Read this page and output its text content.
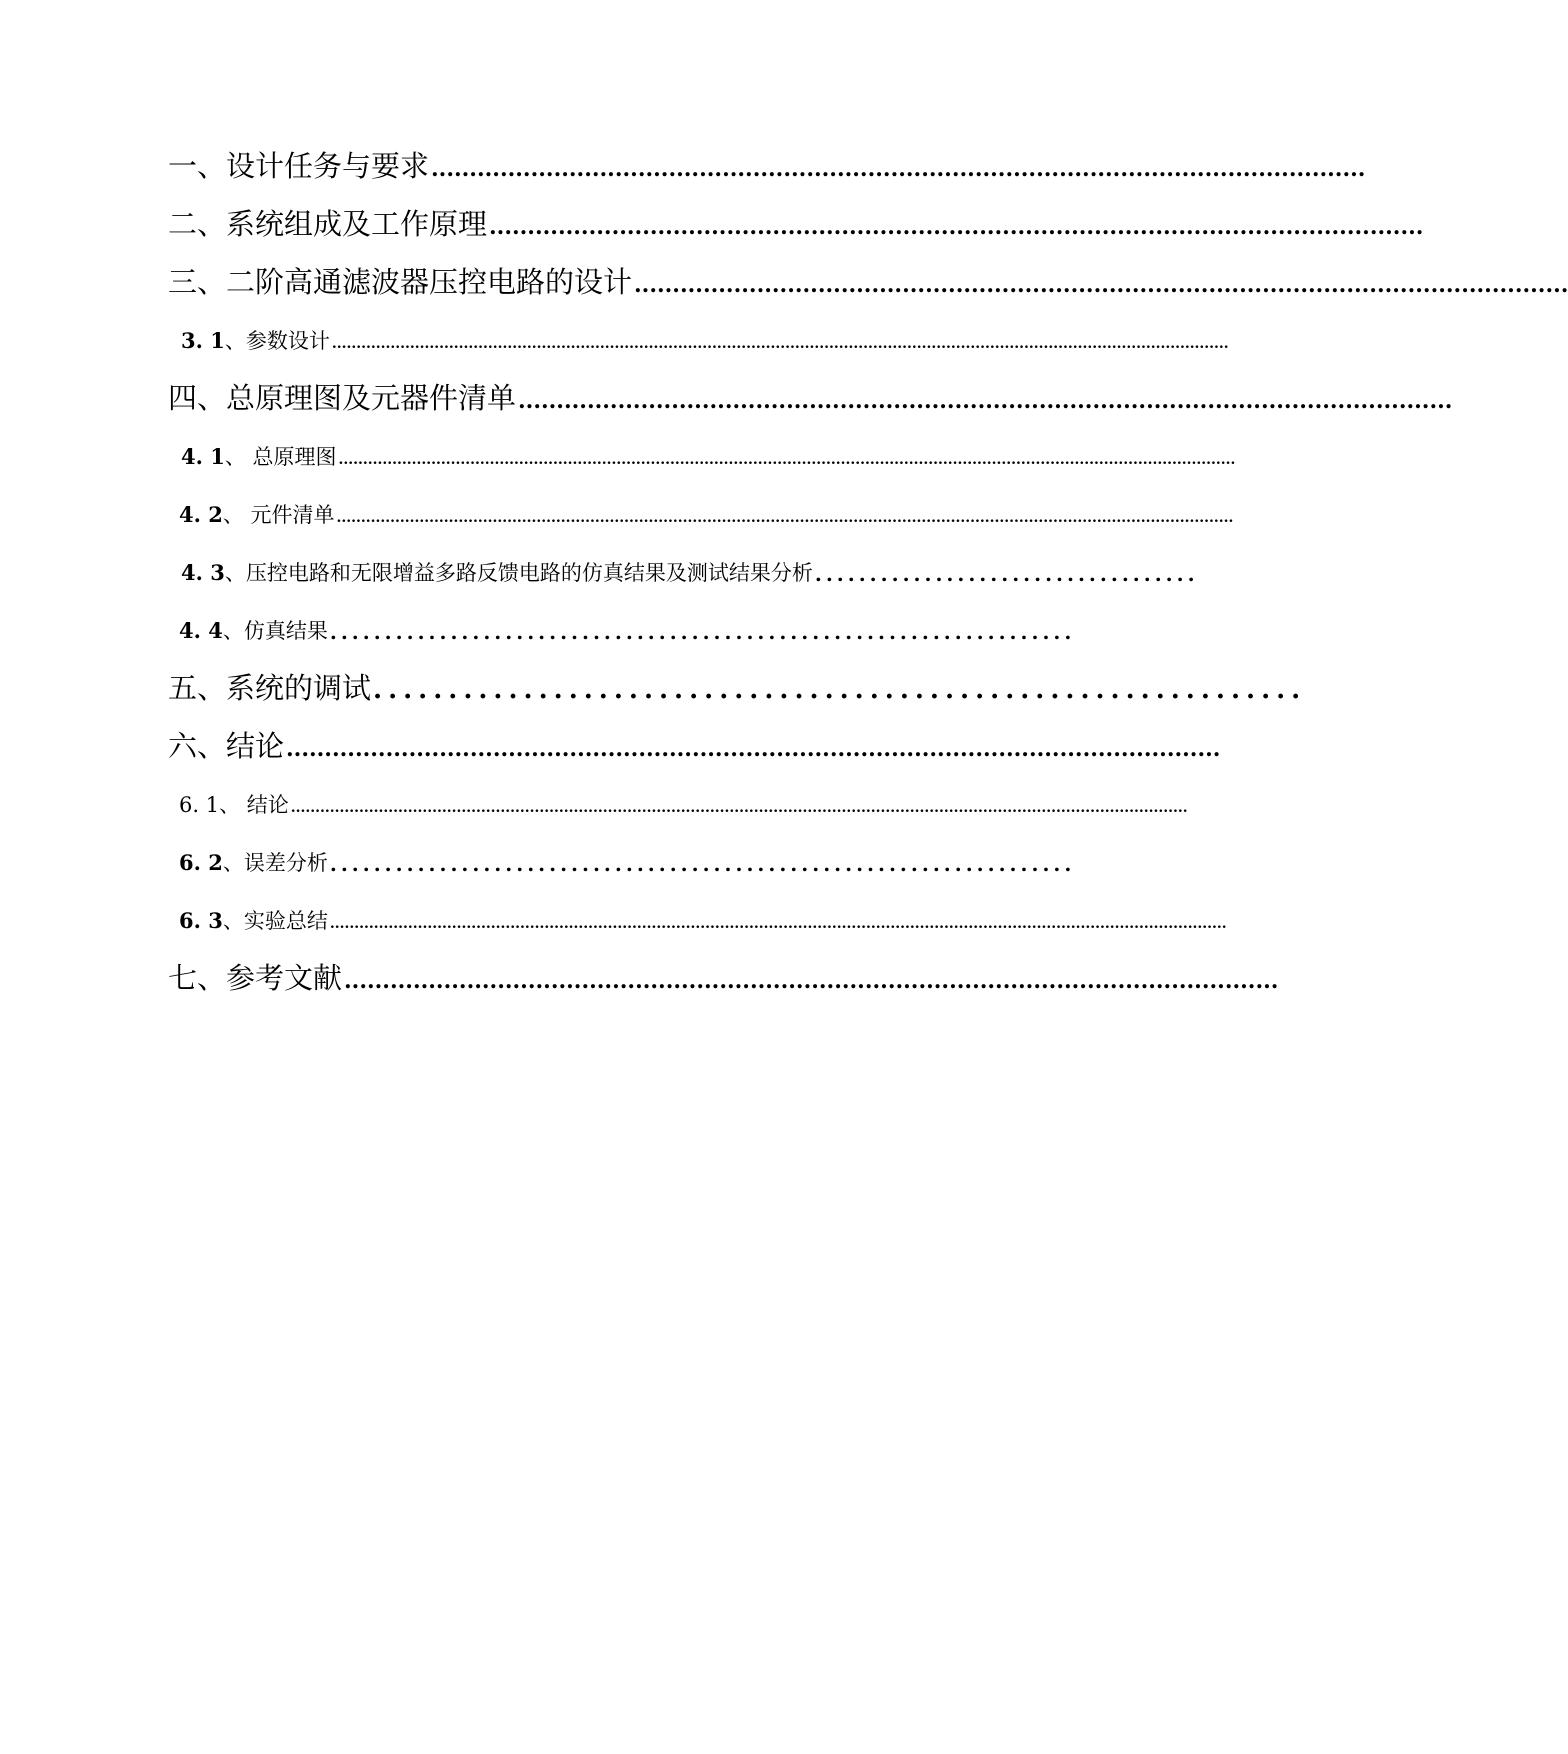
一、设计任务与要求 ..........................................................................................................................
二、系统组成及工作原理 ..........................................................................................................................
三、二阶高通滤波器压控电路的设计 ..........................................................................................................................
3. 1 、参数设计 ........................................................................................................................................................................................
四、总原理图及元器件清单 ..........................................................................................................................
4. 1 、 总原理图 ........................................................................................................................................................................................
4. 2 、 元件清单 ........................................................................................................................................................................................
4. 3 、压控电路和无限增益多路反馈电路的仿真结果及测试结果分析 ...................................
4. 4 、仿真结果 ....................................................................
五、系统的调试 ..............................................................
六、结论 ..........................................................................................................................
6. 1 、 结论 ........................................................................................................................................................................................
6. 2 、误差分析 ....................................................................
6. 3 、实验总结 ........................................................................................................................................................................................
七、参考文献 ..........................................................................................................................
